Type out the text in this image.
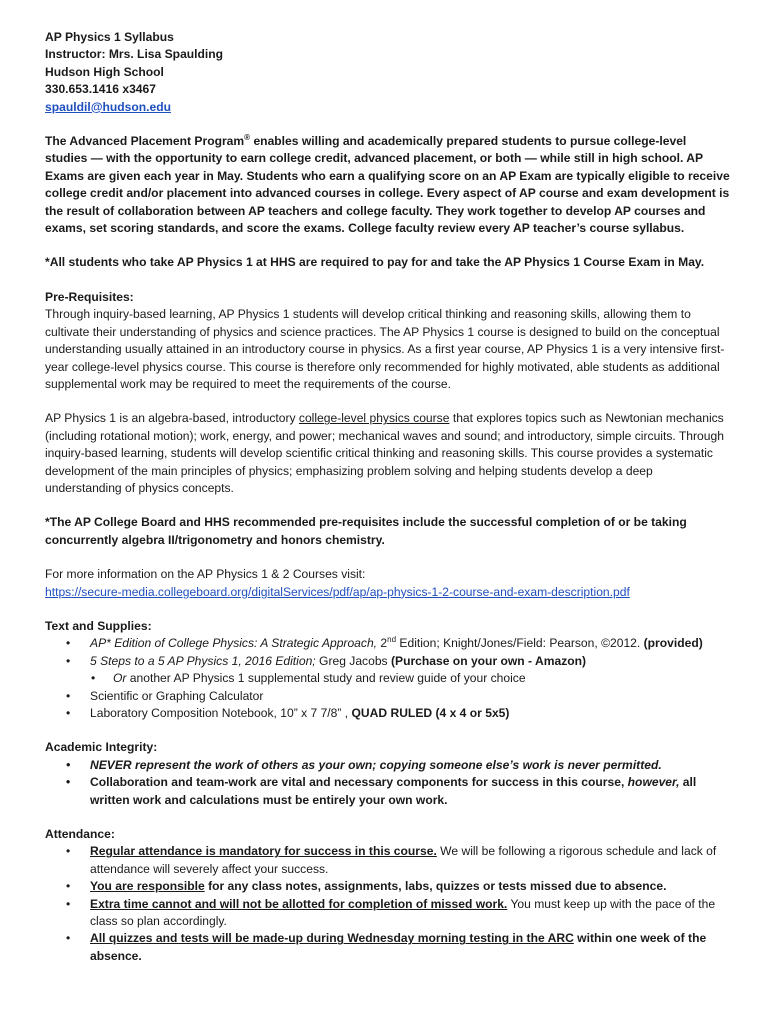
AP Physics 1 Syllabus

Instructor: Mrs. Lisa Spaulding

Hudson High School

330.653.1416 x3467

spauldil@hudson.edu

The Advanced Placement Program® enables willing and academically prepared students to pursue college-level studies — with the opportunity to earn college credit, advanced placement, or both — while still in high school. AP Exams are given each year in May. Students who earn a qualifying score on an AP Exam are typically eligible to receive college credit and/or placement into advanced courses in college. Every aspect of AP course and exam development is the result of collaboration between AP teachers and college faculty. They work together to develop AP courses and exams, set scoring standards, and score the exams. College faculty review every AP teacher’s course syllabus.

*All students who take AP Physics 1 at HHS are required to pay for and take the AP Physics 1 Course Exam in May.

Pre-Requisites:

Through inquiry-based learning, AP Physics 1 students will develop critical thinking and reasoning skills, allowing them to cultivate their understanding of physics and science practices. The AP Physics 1 course is designed to build on the conceptual understanding usually attained in an introductory course in physics. As a first year course, AP Physics 1 is a very intensive first-year college-level physics course. This course is therefore only recommended for highly motivated, able students as additional supplemental work may be required to meet the requirements of the course.

AP Physics 1 is an algebra-based, introductory college-level physics course that explores topics such as Newtonian mechanics (including rotational motion); work, energy, and power; mechanical waves and sound; and introductory, simple circuits. Through inquiry-based learning, students will develop scientific critical thinking and reasoning skills. This course provides a systematic development of the main principles of physics; emphasizing problem solving and helping students develop a deep understanding of physics concepts.

*The AP College Board and HHS recommended pre-requisites include the successful completion of or be taking concurrently algebra II/trigonometry and honors chemistry.

For more information on the AP Physics 1 & 2 Courses visit:

https://secure-media.collegeboard.org/digitalServices/pdf/ap/ap-physics-1-2-course-and-exam-description.pdf

Text and Supplies:

• AP* Edition of College Physics: A Strategic Approach, 2nd Edition; Knight/Jones/Field: Pearson, ©2012. (provided)
• 5 Steps to a 5 AP Physics 1, 2016 Edition; Greg Jacobs (Purchase on your own - Amazon)
• Or another AP Physics 1 supplemental study and review guide of your choice
• Scientific or Graphing Calculator
• Laboratory Composition Notebook, 10” x 7 7/8” , QUAD RULED (4 x 4 or 5x5)

Academic Integrity:

• NEVER represent the work of others as your own; copying someone else’s work is never permitted.
• Collaboration and team-work are vital and necessary components for success in this course, however, all written work and calculations must be entirely your own work.

Attendance:

• Regular attendance is mandatory for success in this course. We will be following a rigorous schedule and lack of attendance will severely affect your success.
• You are responsible for any class notes, assignments, labs, quizzes or tests missed due to absence.
• Extra time cannot and will not be allotted for completion of missed work. You must keep up with the pace of the class so plan accordingly.
• All quizzes and tests will be made-up during Wednesday morning testing in the ARC within one week of the absence.
